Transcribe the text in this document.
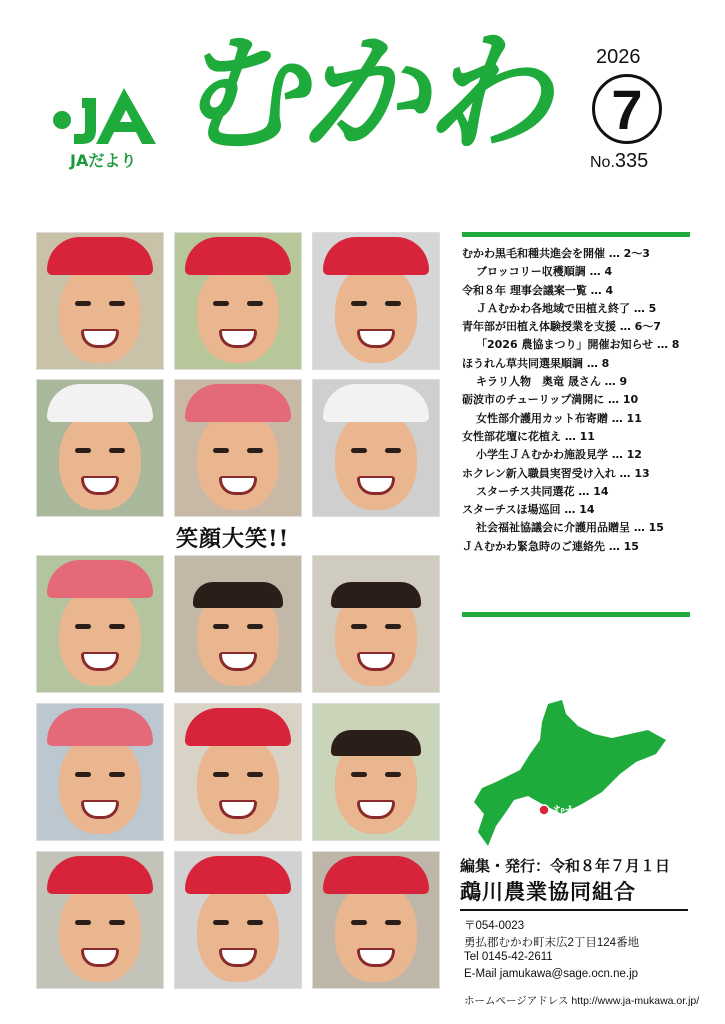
JAだより むかわ 2026
7
No.335
笑顔大笑!!
むかわ黒毛和種共進会を開催 … 2～3
ブロッコリー収穫順調 … 4
令和８年 理事会議案一覧 … 4
ＪＡむかわ各地域で田植え終了 … 5
青年部が田植え体験授業を支援 … 6～7
「2026 農協まつり」開催お知らせ … 8
ほうれん草共同選果順調 … 8
キラリ人物　奥竜 晟さん … 9
砺波市のチューリップ満開に … 10
女性部介護用カット布寄贈 … 11
女性部花壇に花植え … 11
小学生ＪＡむかわ施設見学 … 12
ホクレン新入職員実習受け入れ … 13
スターチス共同選花 … 14
スターチスほ場巡回 … 14
社会福祉協議会に介護用品贈呈 … 15
ＪＡむかわ緊急時のご連絡先 … 15
むかわ
編集・発行：令和８年７月１日
鵡川農業協同組合
〒054-0023
勇払郡むかわ町末広2丁目124番地
Tel 0145-42-2611
E-Mail jamukawa@sage.ocn.ne.jp
ホームページアドレス http://www.ja-mukawa.or.jp/
